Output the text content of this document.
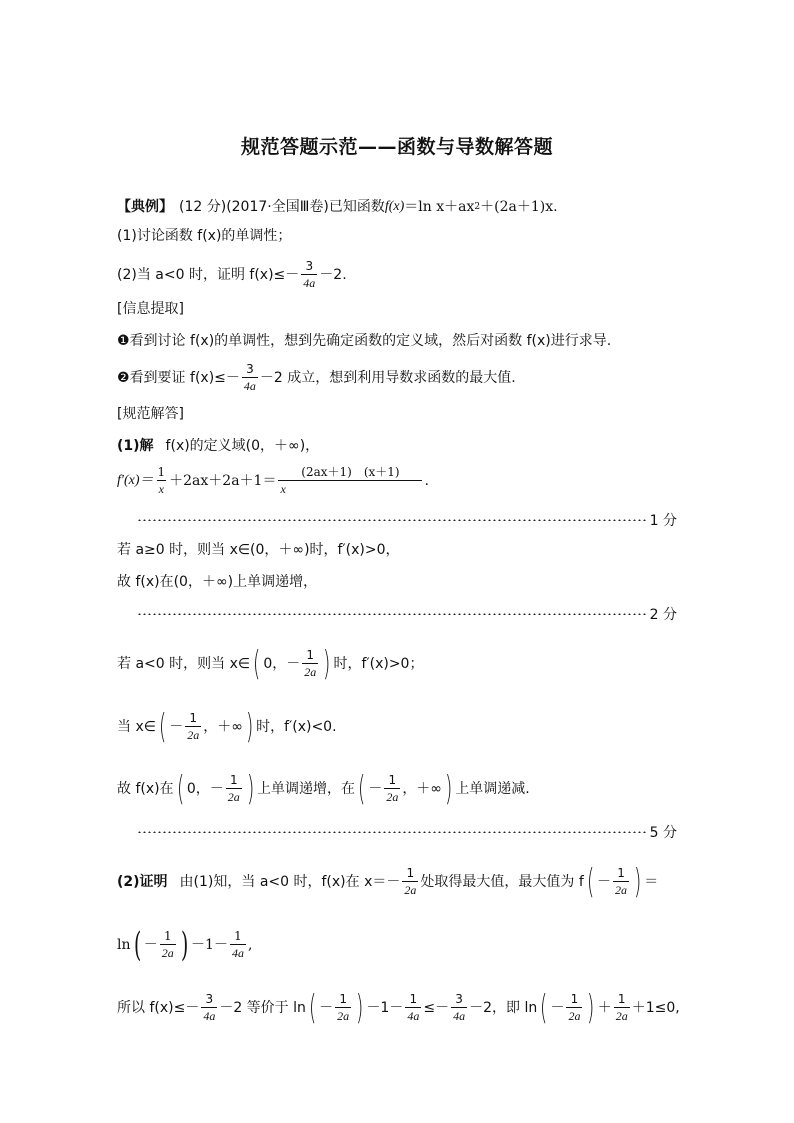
规范答题示范——函数与导数解答题
【典例】 (12 分)(2017·全国Ⅲ卷)已知函数 f(x) ＝ln x＋ax 2 ＋(2a＋1)x.
(1)讨论函数 f(x)的单调性；
(2)当 a<0 时，证明 $f(x)\le- \frac{3}{4a} -2$.
[信息提取]
❶ 看到讨论 f(x)的单调性，想到先确定函数的定义域，然后对函数 f(x)进行求导.
❷ 看到要证 $f(x)\le- \frac{3}{4a} -2$ 成立，想到利用导数求函数的最大值.
[规范解答]
(1)解 f(x)的定义域(0，＋∞)，
$f'(x)= \frac{1}{x} +2ax+2a+1= \frac{(2ax+1) (x+1)}{x}$ .
1 分
若 a≥0 时，则当 x∈(0，＋∞)时，f′(x)>0，
故 f(x)在(0，＋∞)上单调递增，
2 分
若 a<0 时，则当 x∈ ( 0，－ $\frac{1}{2a}$ ) 时，f′(x)>0；
当 x∈ ( － $\frac{1}{2a}$ ，＋∞ ) 时，f′(x)<0.
故 f(x)在 ( 0，－ $\frac{1}{2a}$ ) 上单调递增，在 ( － $\frac{1}{2a}$ ，＋∞ ) 上单调递减.
5 分
(2)证明 由(1)知，当 a<0 时，f(x)在 $x=- \frac{1}{2a}$ 处取得最大值，最大值为 f ( － $\frac{1}{2a}$ ) ＝
ln ( － $\frac{1}{2a}$ ) $-1- \frac{1}{4a}$ ,
所以 $f(x)\le- \frac{3}{4a} -2$ 等价于 ln ( － $\frac{1}{2a}$ ) $-1- \frac{1}{4a} \le- \frac{3}{4a} -2$，即 ln ( － $\frac{1}{2a}$ ) ＋ $\frac{1}{2a} +1\le 0$,
